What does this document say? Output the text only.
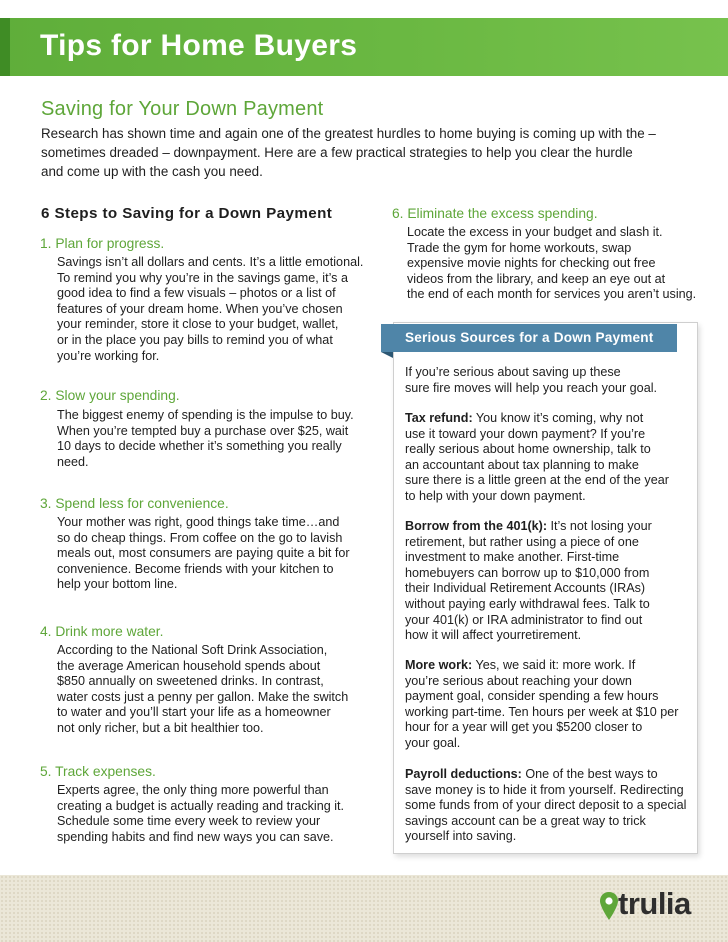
Tips for Home Buyers
Saving for Your Down Payment
Research has shown time and again one of the greatest hurdles to home buying is coming up with the –
sometimes dreaded – downpayment. Here are a few practical strategies to help you clear the hurdle
and come up with the cash you need.
6 Steps to Saving for a Down Payment
1. Plan for progress.
Savings isn’t all dollars and cents. It’s a little emotional.
To remind you why you’re in the savings game, it’s a
good idea to find a few visuals – photos or a list of
features of your dream home. When you’ve chosen
your reminder, store it close to your budget, wallet,
or in the place you pay bills to remind you of what
you’re working for.
2. Slow your spending.
The biggest enemy of spending is the impulse to buy.
When you’re tempted buy a purchase over $25, wait
10 days to decide whether it’s something you really
need.
3. Spend less for convenience.
Your mother was right, good things take time…and
so do cheap things. From coffee on the go to lavish
meals out, most consumers are paying quite a bit for
convenience. Become friends with your kitchen to
help your bottom line.
4. Drink more water.
According to the National Soft Drink Association,
the average American household spends about
$850 annually on sweetened drinks. In contrast,
water costs just a penny per gallon. Make the switch
to water and you’ll start your life as a homeowner
not only richer, but a bit healthier too.
5. Track expenses.
Experts agree, the only thing more powerful than
creating a budget is actually reading and tracking it.
Schedule some time every week to review your
spending habits and find new ways you can save.
6. Eliminate the excess spending.
Locate the excess in your budget and slash it.
Trade the gym for home workouts, swap
expensive movie nights for checking out free
videos from the library, and keep an eye out at
the end of each month for services you aren’t using.
Serious Sources for a Down Payment
If you’re serious about saving up these
sure fire moves will help you reach your goal.
Tax refund: You know it’s coming, why not
use it toward your down payment? If you’re
really serious about home ownership, talk to
an accountant about tax planning to make
sure there is a little green at the end of the year
to help with your down payment.
Borrow from the 401(k): It’s not losing your
retirement, but rather using a piece of one
investment to make another. First-time
homebuyers can borrow up to $10,000 from
their Individual Retirement Accounts (IRAs)
without paying early withdrawal fees. Talk to
your 401(k) or IRA administrator to find out
how it will affect yourretirement.
More work: Yes, we said it: more work. If
you’re serious about reaching your down
payment goal, consider spending a few hours
working part-time. Ten hours per week at $10 per
hour for a year will get you $5200 closer to
your goal.
Payroll deductions: One of the best ways to
save money is to hide it from yourself. Redirecting
some funds from of your direct deposit to a special
savings account can be a great way to trick
yourself into saving.
trulia
